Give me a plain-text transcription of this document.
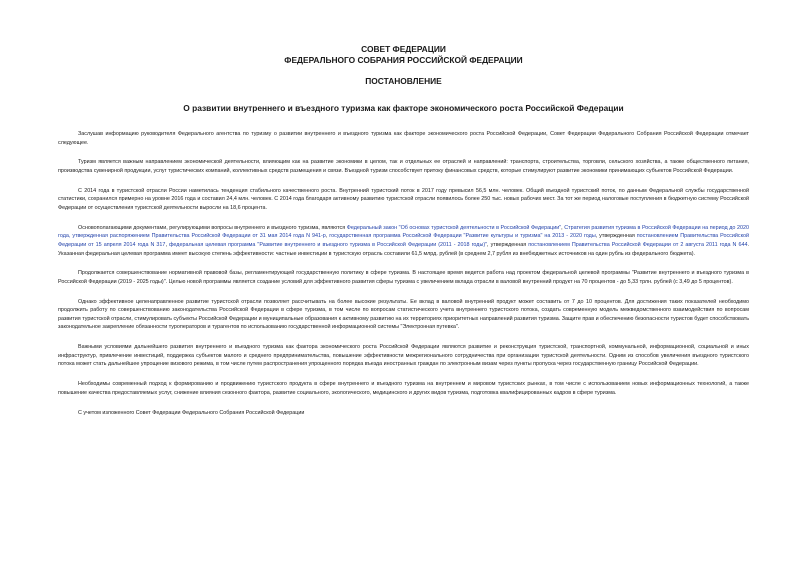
СОВЕТ ФЕДЕРАЦИИ

ФЕДЕРАЛЬНОГО СОБРАНИЯ РОССИЙСКОЙ ФЕДЕРАЦИИ

ПОСТАНОВЛЕНИЕ

О развитии внутреннего и въездного туризма как факторе экономического роста Российской Федерации

Заслушав информацию руководителя Федерального агентства по туризму о развитии внутреннего и въездного туризма как факторе экономического роста Российской Федерации, Совет Федерации Федерального Собрания Российской Федерации отмечает следующее.

Туризм является важным направлением экономической деятельности, влияющим как на развитие экономики в целом, так и отдельных ее отраслей и направлений: транспорта, строительства, торговли, сельского хозяйства, а также общественного питания, производства сувенирной продукции, услуг туристических компаний, коллективных средств размещения и связи. Въездной туризм способствует притоку финансовых средств, которые стимулируют развитие экономики принимающих субъектов Российской Федерации.

С 2014 года в туристской отрасли России наметилась тенденция стабильного качественного роста. Внутренний туристский поток в 2017 году превысил 56,5 млн. человек. Общий въездной туристский поток, по данным Федеральной службы государственной статистики, сохранился примерно на уровне 2016 года и составил 24,4 млн. человек. С 2014 года благодаря активному развитию туристской отрасли появилось более 250 тыс. новых рабочих мест. За тот же период налоговые поступления в бюджетную систему Российской Федерации от осуществления туристской деятельности выросли на 18,6 процента.

Основополагающими документами, регулирующими вопросы внутреннего и въездного туризма, являются Федеральный закон "Об основах туристской деятельности в Российской Федерации", Стратегия развития туризма в Российской Федерации на период до 2020 года, утвержденная распоряжением Правительства Российской Федерации от 31 мая 2014 года N 941-р, государственная программа Российской Федерации "Развитие культуры и туризма" на 2013 - 2020 годы, утвержденная постановлением Правительства Российской Федерации от 15 апреля 2014 года N 317, федеральная целевая программа "Развитие внутреннего и въездного туризма в Российской Федерации (2011 - 2018 годы)", утвержденная постановлением Правительства Российской Федерации от 2 августа 2011 года N 644. Указанная федеральная целевая программа имеет высокую степень эффективности: частные инвестиции в туристскую отрасль составили 61,5 млрд. рублей (в среднем 2,7 рубля из внебюджетных источников на один рубль из федерального бюджета).

Продолжается совершенствование нормативной правовой базы, регламентирующей государственную политику в сфере туризма. В настоящее время ведется работа над проектом федеральной целевой программы "Развитие внутреннего и въездного туризма в Российской Федерации (2019 - 2025 годы)". Целью новой программы является создание условий для эффективного развития сферы туризма с увеличением вклада отрасли в валовой внутренний продукт на 70 процентов - до 5,33 трлн. рублей (с 3,49 до 5 процентов).

Однако эффективное целенаправленное развитие туристской отрасли позволяет рассчитывать на более высокие результаты. Ее вклад в валовой внутренний продукт может составить от 7 до 10 процентов. Для достижения таких показателей необходимо продолжить работу по совершенствованию законодательства Российской Федерации в сфере туризма, в том числе по вопросам статистического учета внутреннего туристского потока, создать современную модель межведомственного взаимодействия по вопросам развития туристской отрасли, стимулировать субъекты Российской Федерации и муниципальные образования к активному развитию на их территориях приоритетных направлений развития туризма. Защите прав и обеспечению безопасности туристов будет способствовать законодательное закрепление обязанности туроператоров и турагентов по использованию государственной информационной системы "Электронная путевка".

Важными условиями дальнейшего развития внутреннего и въездного туризма как фактора экономического роста Российской Федерации являются развитие и реконструкция туристской, транспортной, коммунальной, информационной, социальной и иных инфраструктур, привлечение инвестиций, поддержка субъектов малого и среднего предпринимательства, повышение эффективности межрегионального сотрудничества при организации туристской деятельности. Одним из способов увеличения въездного туристского потока может стать дальнейшее упрощение визового режима, в том числе путем распространения упрощенного порядка въезда иностранных граждан по электронным визам через пункты пропуска через государственную границу Российской Федерации.

Необходимы современный подход к формированию и продвижению туристского продукта в сфере внутреннего и въездного туризма на внутреннем и мировом туристских рынках, в том числе с использованием новых информационных технологий, а также повышение качества предоставляемых услуг, снижение влияния сезонного фактора, развитие социального, экологического, медицинского и других видов туризма, подготовка квалифицированных кадров в сфере туризма.

С учетом изложенного Совет Федерации Федерального Собрания Российской Федерации
